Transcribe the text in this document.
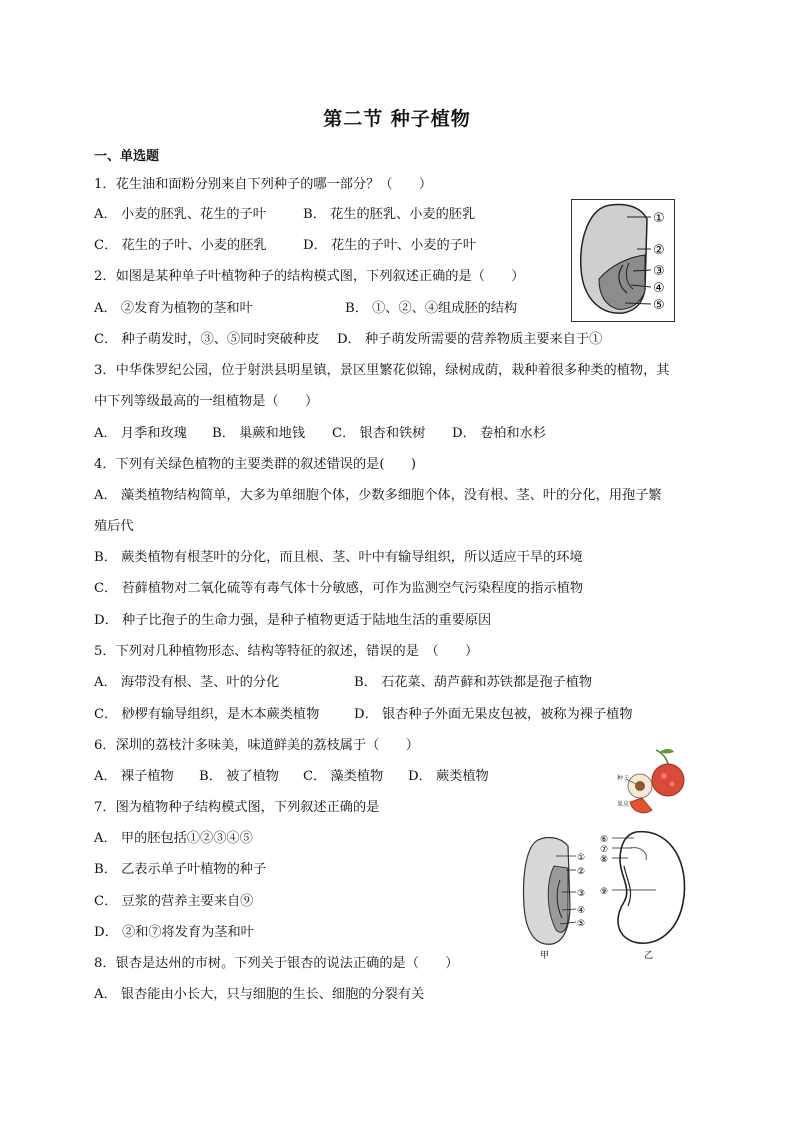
第二节 种子植物
一、单选题
1．花生油和面粉分别来自下列种子的哪一部分？（　　）
A． 小麦的胚乳、花生的子叶	B． 花生的胚乳、小麦的胚乳
C． 花生的子叶、小麦的胚乳	D． 花生的子叶、小麦的子叶
2．如图是某种单子叶植物种子的结构模式图，下列叙述正确的是（　　）
A． ②发育为植物的茎和叶	B． ①、②、④组成胚的结构
C． 种子萌发时，③、⑤同时突破种皮 D． 种子萌发所需要的营养物质主要来自于①
①
②
③
④
⑤
3．中华侏罗纪公园，位于射洪县明星镇，景区里繁花似锦，绿树成荫，栽种着很多种类的植物，其
中下列等级最高的一组植物是（　　）
A． 月季和玫瑰 B． 巢蕨和地钱 C． 银杏和铁树 D． 卷柏和水杉
4．下列有关绿色植物的主要类群的叙述错误的是(　　)
A． 藻类植物结构简单，大多为单细胞个体，少数多细胞个体，没有根、茎、叶的分化，用孢子繁
殖后代
B． 蕨类植物有根茎叶的分化，而且根、茎、叶中有输导组织，所以适应干旱的环境
C． 苔藓植物对二氧化硫等有毒气体十分敏感，可作为监测空气污染程度的指示植物
D． 种子比孢子的生命力强，是种子植物更适于陆地生活的重要原因
5．下列对几种植物形态、结构等特征的叙述，错误的是　（　　）
A． 海带没有根、茎、叶的分化	B． 石花菜、葫芦藓和苏铁都是孢子植物
C． 桫椤有输导组织，是木本蕨类植物	D． 银杏种子外面无果皮包被，被称为裸子植物
6．深圳的荔枝汁多味美，味道鲜美的荔枝属于（　　）
A． 裸子植物 B． 被了植物 C． 藻类植物 D． 蕨类植物	种子
果皮
7．图为植物种子结构模式图，下列叙述正确的是
A． 甲的胚包括①②③④⑤
B． 乙表示单子叶植物的种子
C． 豆浆的营养主要来自⑨
D． ②和⑦将发育为茎和叶
①
②
③
④
⑤
甲
⑥
⑦
⑧
⑨
乙
8．银杏是达州的市树。下列关于银杏的说法正确的是（　　）
A． 银杏能由小长大，只与细胞的生长、细胞的分裂有关
